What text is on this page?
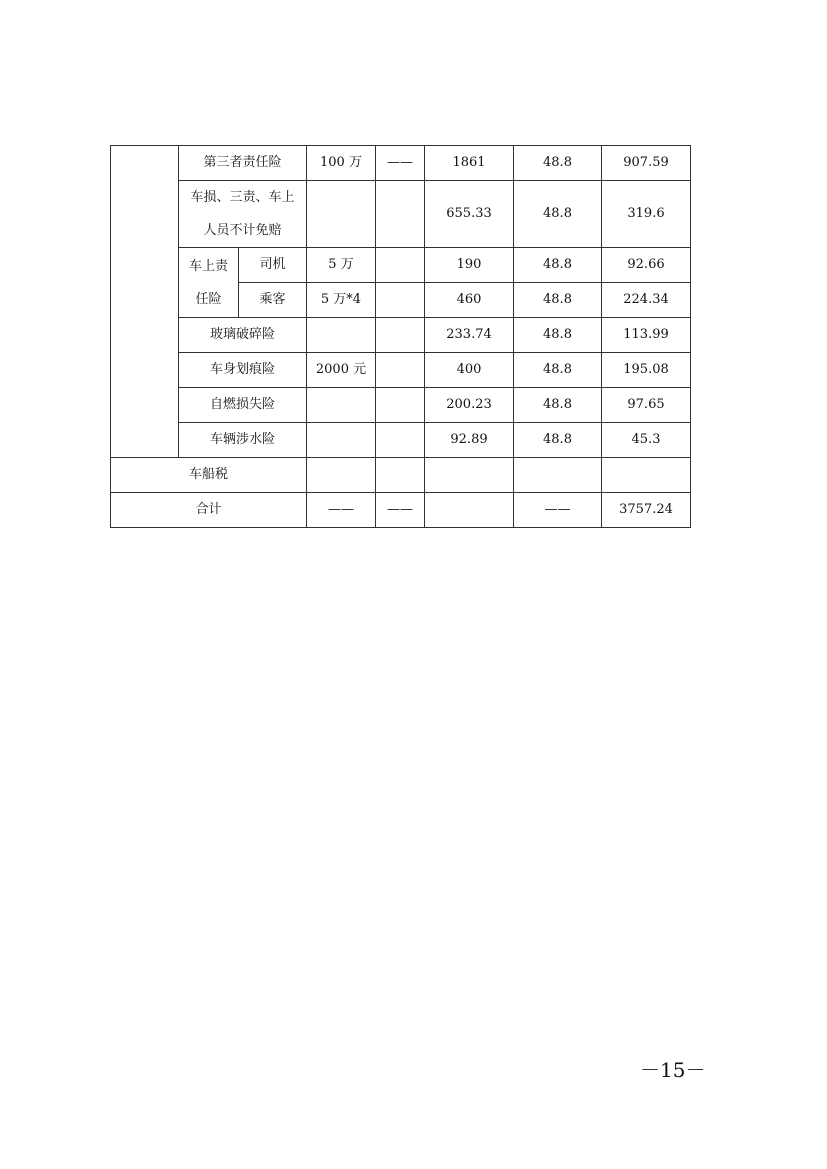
	第三者责任险		100 万	——	1861	48.8	907.59

	车损、三责、车上
人员不计免赔				655.33	48.8	319.6

	车上责
任险	司机	5 万		190	48.8	92.66
		乘客	5 万*4		460	48.8	224.34
	玻璃破碎险				233.74	48.8	113.99
	车身划痕险		2000 元		400	48.8	195.08
	自燃损失险				200.23	48.8	97.65
	车辆涉水险				92.89	48.8	45.3
车船税							
合计			——	——		——	3757.24
－15－
